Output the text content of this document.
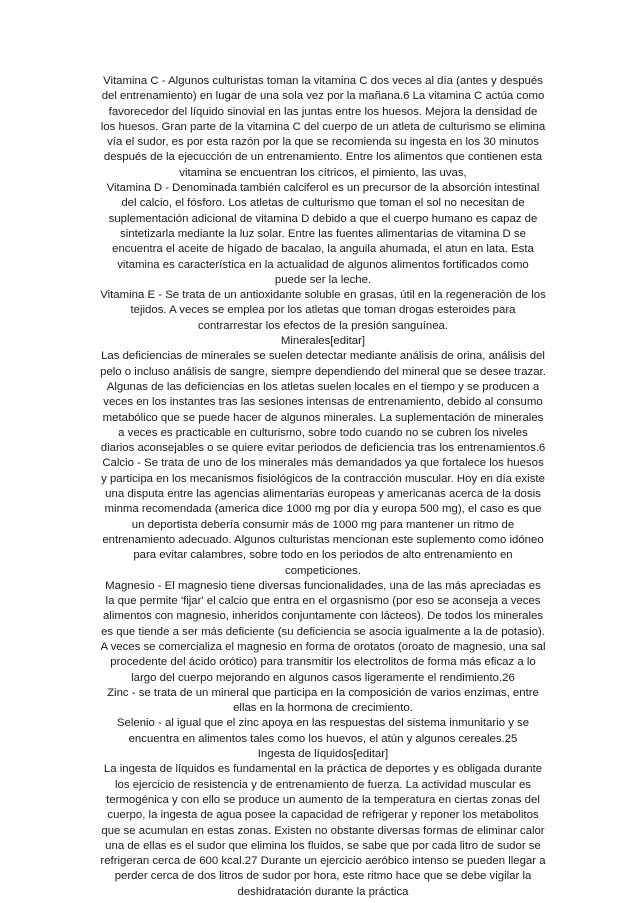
Vitamina C - Algunos culturistas toman la vitamina C dos veces al día (antes y después del entrenamiento) en lugar de una sola vez por la mañana.6 La vitamina C actúa como favorecedor del líquido sinovial en las juntas entre los huesos. Mejora la densidad de los huesos. Gran parte de la vitamina C del cuerpo de un atleta de culturismo se elimina vía el sudor, es por esta razón por la que se recomienda su ingesta en los 30 minutos después de la ejecucción de un entrenamiento. Entre los alimentos que contienen esta vitamina se encuentran los cítricos, el pimiento, las uvas,

Vitamina D - Denominada también calciferol es un precursor de la absorción intestinal del calcio, el fósforo. Los atletas de culturismo que toman el sol no necesitan de suplementación adicional de vitamina D debido a que el cuerpo humano es capaz de sintetizarla mediante la luz solar. Entre las fuentes alimentarias de vitamina D se encuentra el aceite de hígado de bacalao, la anguila ahumada, el atun en lata. Esta vitamina es característica en la actualidad de algunos alimentos fortificados como puede ser la leche.

Vitamina E - Se trata de un antioxidante soluble en grasas, útil en la regeneración de los tejidos. A veces se emplea por los atletas que toman drogas esteroides para contrarrestar los efectos de la presión sanguínea.

Minerales[editar]

Las deficiencias de minerales se suelen detectar mediante análisis de orina, análisis del pelo o incluso análisis de sangre, siempre dependiendo del mineral que se desee trazar. Algunas de las deficiencias en los atletas suelen locales en el tiempo y se producen a veces en los instantes tras las sesiones intensas de entrenamiento, debido al consumo metabólico que se puede hacer de algunos minerales. La suplementación de minerales a veces es practicable en culturismo, sobre todo cuando no se cubren los niveles diarios aconsejables o se quiere evitar periodos de deficiencia tras los entrenamientos.6

Calcio - Se trata de uno de los minerales más demandados ya que fortalece los huesos y participa en los mecanismos fisiológicos de la contracción muscular. Hoy en día existe una disputa entre las agencias alimentarias europeas y americanas acerca de la dosis minma recomendada (america dice 1000 mg por día y europa 500 mg), el caso es que un deportista debería consumir más de 1000 mg para mantener un ritmo de entrenamiento adecuado. Algunos culturistas mencionan este suplemento como idóneo para evitar calambres, sobre todo en los periodos de alto entrenamiento en competiciones.

Magnesio - El magnesio tiene diversas funcionalidades, una de las más apreciadas es la que permite 'fijar' el calcio que entra en el orgasnismo (por eso se aconseja a veces alimentos con magnesio, inheridos conjuntamente con lácteos). De todos los minerales es que tiende a ser más deficiente (su deficiencia se asocia igualmente a la de potasio). A veces se comercializa el magnesio en forma de orotatos (oroato de magnesio, una sal procedente del ácido orótico) para transmitir los electrolitos de forma más eficaz a lo largo del cuerpo mejorando en algunos casos ligeramente el rendimiento.26

Zinc - se trata de un mineral que participa en la composición de varios enzimas, entre ellas en la hormona de crecimiento.

Selenio - al igual que el zinc apoya en las respuestas del sistema inmunitario y se encuentra en alimentos tales como los huevos, el atún y algunos cereales.25

Ingesta de líquidos[editar]

La ingesta de líquidos es fundamental en la práctica de deportes y es obligada durante los ejercicio de resistencia y de entrenamiento de fuerza. La actividad muscular es termogénica y con ello se produce un aumento de la temperatura en ciertas zonas del cuerpo, la ingesta de agua posee la capacidad de refrigerar y reponer los metabolitos que se acumulan en estas zonas. Existen no obstante diversas formas de eliminar calor una de ellas es el sudor que elimina los fluidos, se sabe que por cada litro de sudor se refrigeran cerca de 600 kcal.27 Durante un ejercicio aeróbico intenso se pueden llegar a perder cerca de dos litros de sudor por hora, este ritmo hace que se debe vigilar la deshidratación durante la práctica
